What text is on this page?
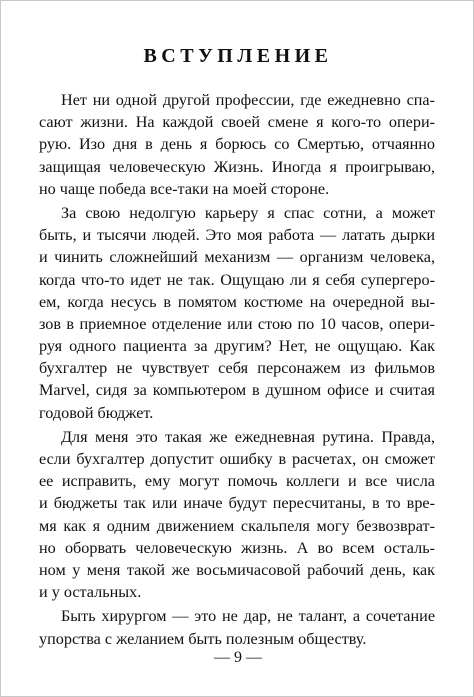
ВСТУПЛЕНИЕ
Нет ни одной другой профессии, где ежедневно спа-
сают жизни. На каждой своей смене я кого-то опери-
рую. Изо дня в день я борюсь со Смертью, отчаянно
защищая человеческую Жизнь. Иногда я проигрываю,
но чаще победа все-таки на моей стороне.
За свою недолгую карьеру я спас сотни, а может
быть, и тысячи людей. Это моя работа — латать дырки
и чинить сложнейший механизм — организм человека,
когда что-то идет не так. Ощущаю ли я себя супергеро-
ем, когда несусь в помятом костюме на очередной вы-
зов в приемное отделение или стою по 10 часов, опери-
руя одного пациента за другим? Нет, не ощущаю. Как
бухгалтер не чувствует себя персонажем из фильмов
Marvel, сидя за компьютером в душном офисе и считая
годовой бюджет.
Для меня это такая же ежедневная рутина. Правда,
если бухгалтер допустит ошибку в расчетах, он сможет
ее исправить, ему могут помочь коллеги и все числа
и бюджеты так или иначе будут пересчитаны, в то вре-
мя как я одним движением скальпеля могу безвозврат-
но оборвать человеческую жизнь. А во всем осталь-
ном у меня такой же восьмичасовой рабочий день, как
и у остальных.
Быть хирургом — это не дар, не талант, а сочетание
упорства с желанием быть полезным обществу.
— 9 —
